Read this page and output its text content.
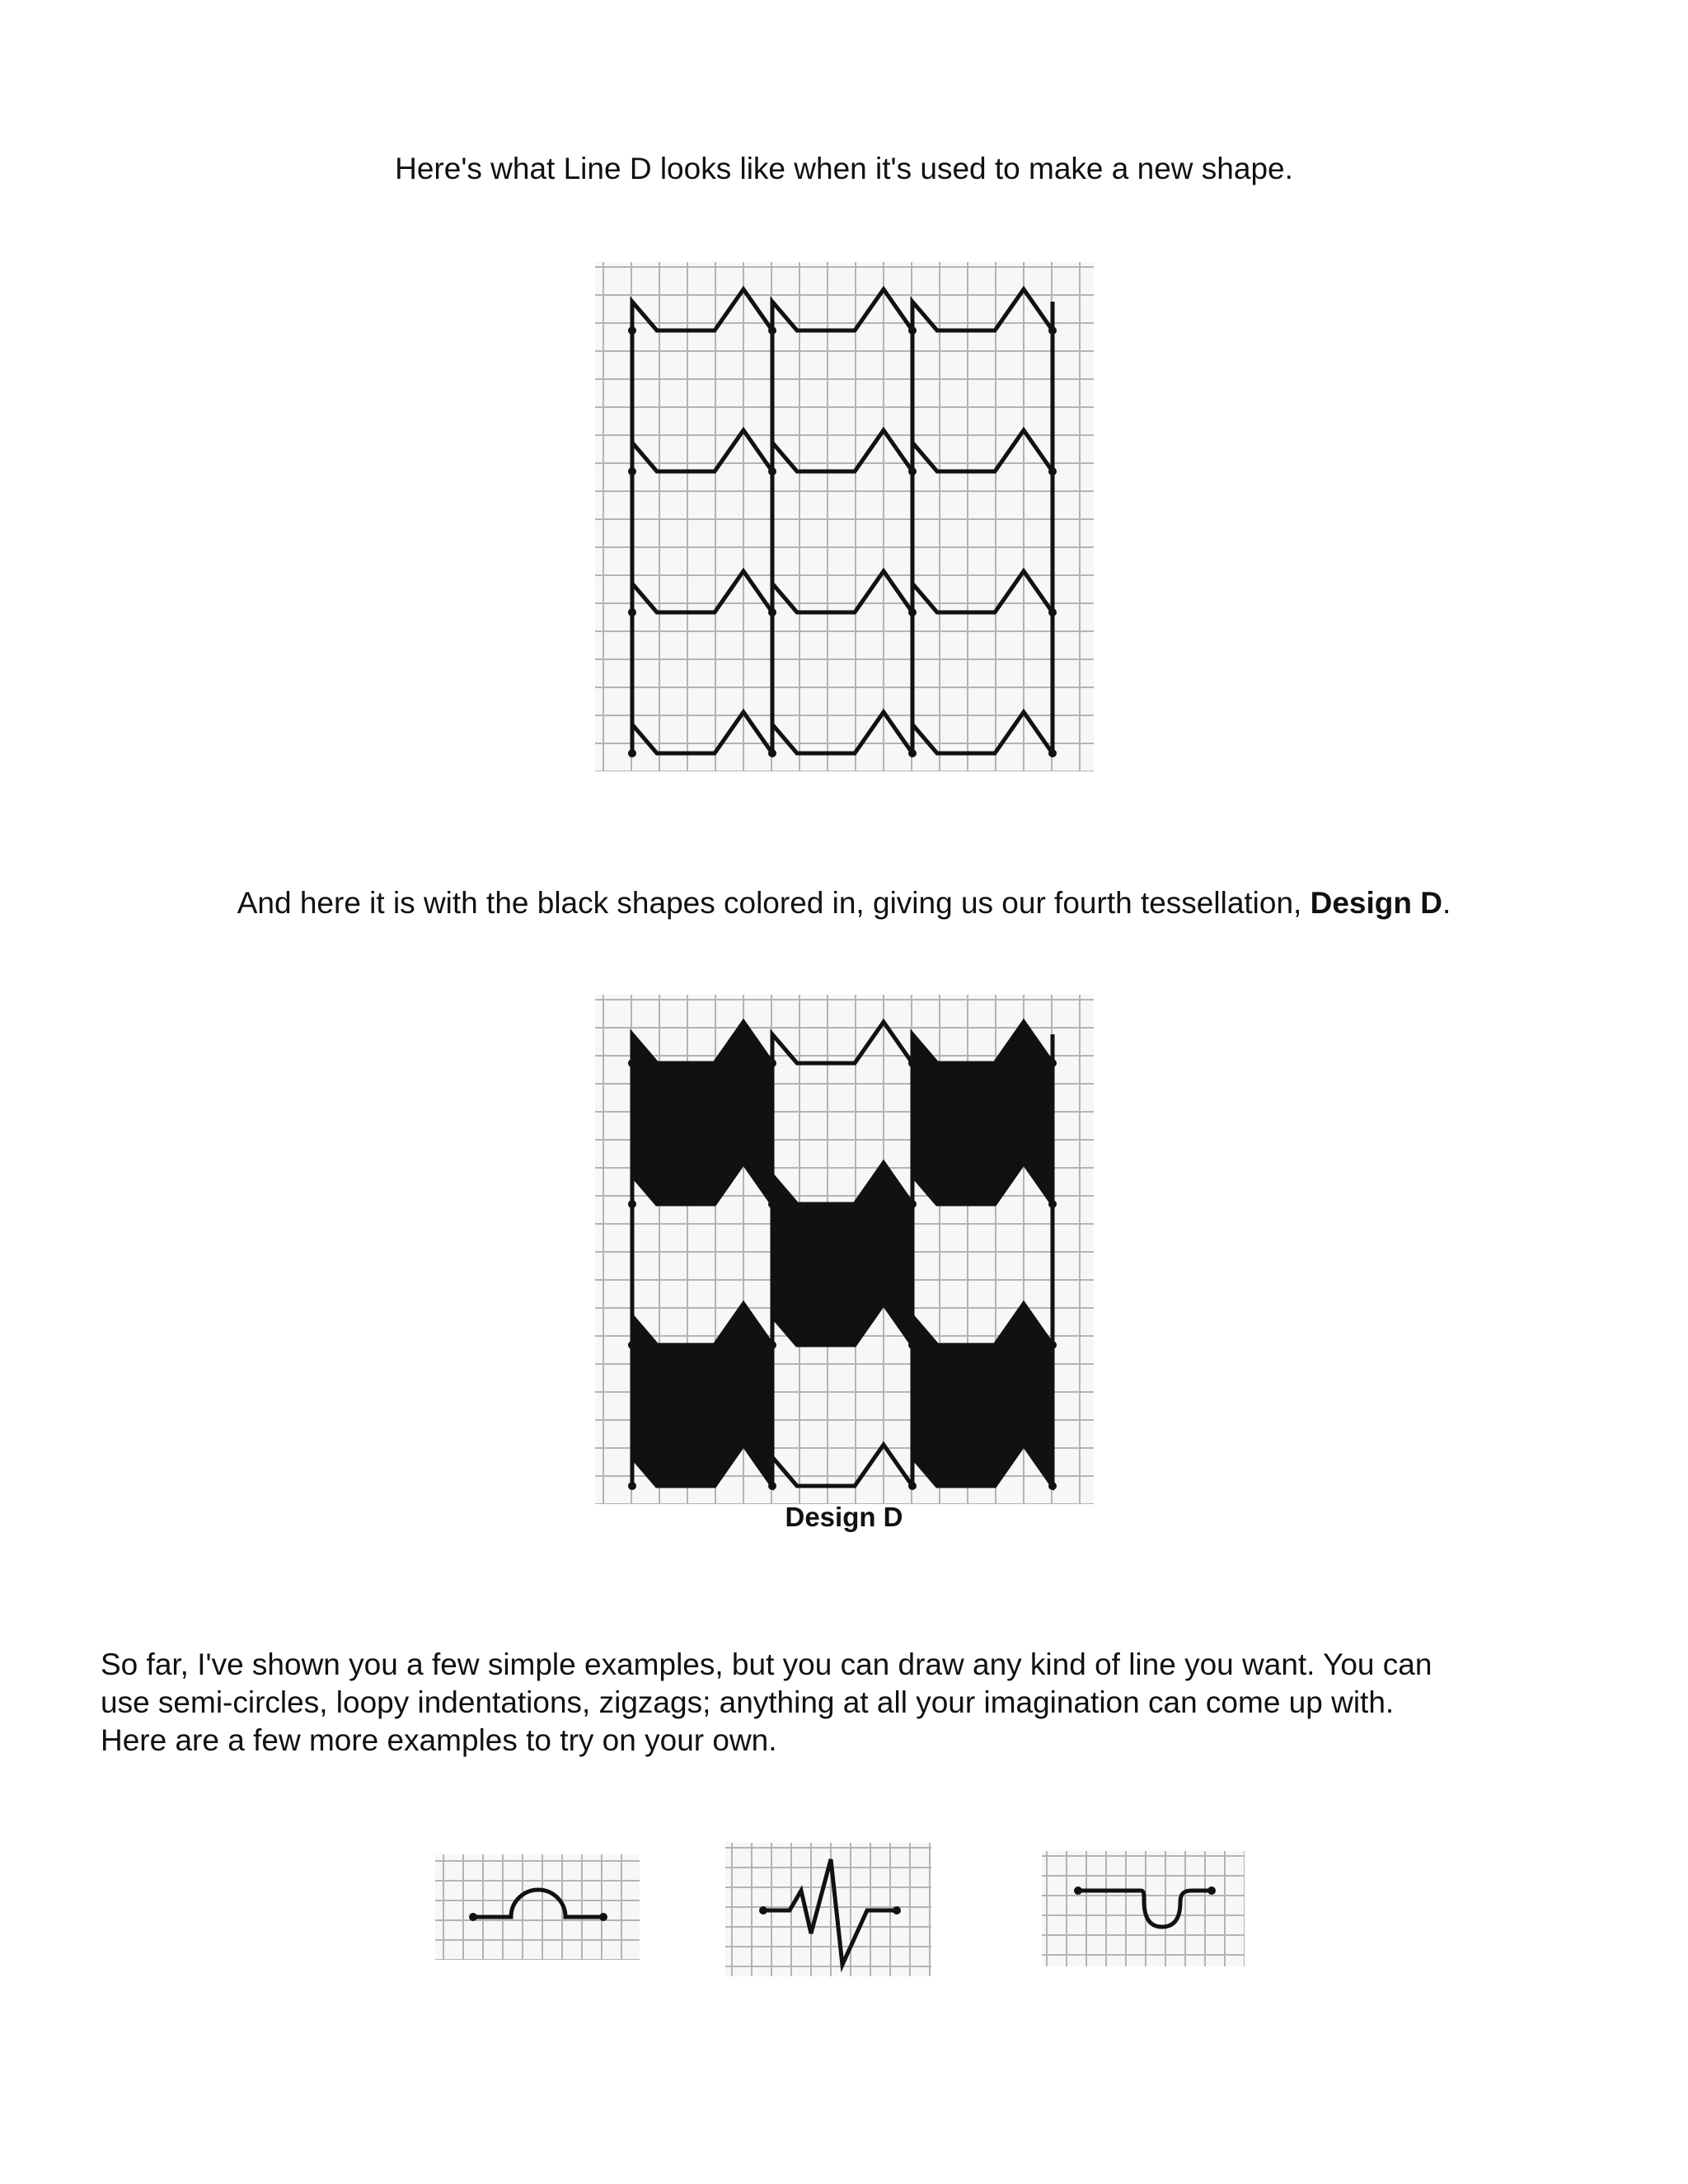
Here's what Line D looks like when it's used to make a new shape.
And here it is with the black shapes colored in, giving us our fourth tessellation, Design D.
Design D
So far, I've shown you a few simple examples, but you can draw any kind of line you want. You can
use semi-circles, loopy indentations, zigzags; anything at all your imagination can come up with.
Here are a few more examples to try on your own.
